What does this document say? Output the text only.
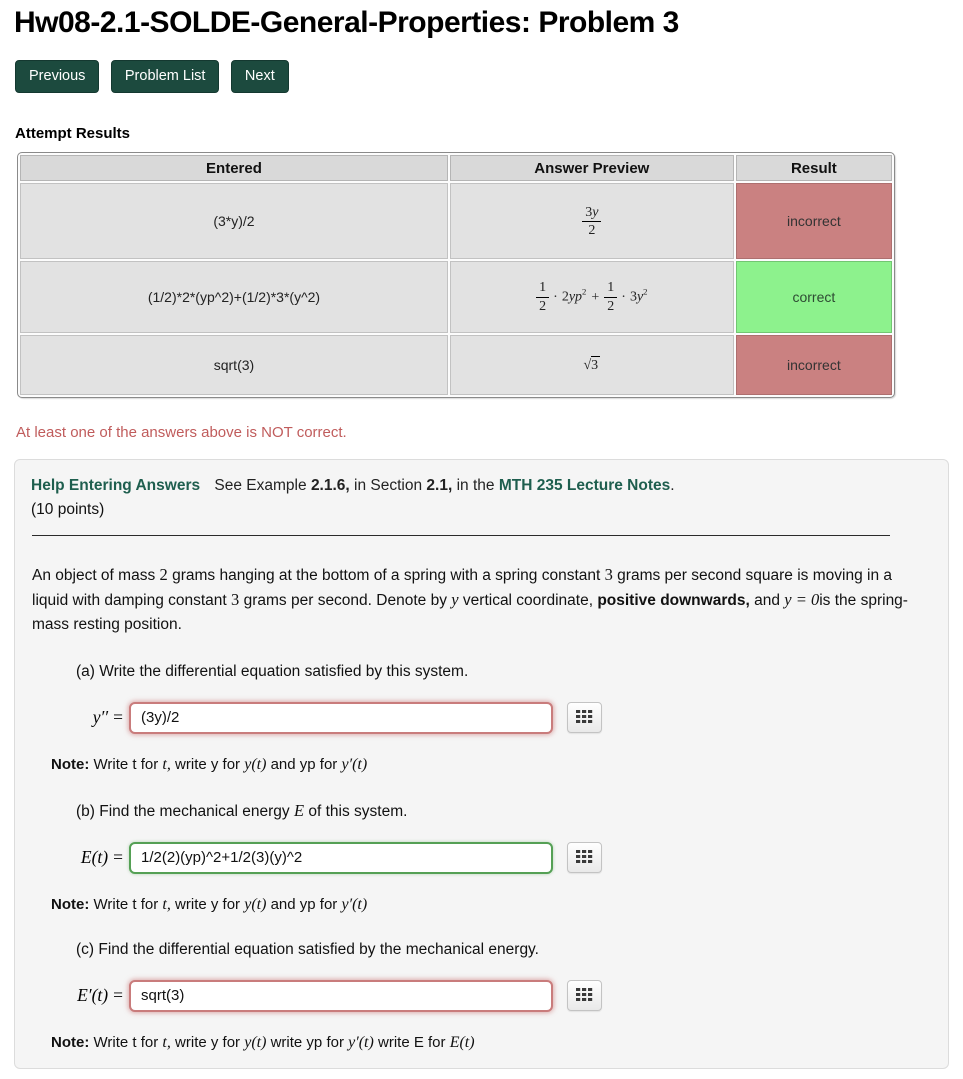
Hw08-2.1-SOLDE-General-Properties: Problem 3
Previous	Problem List	Next
Attempt Results
Entered	Answer Preview	Result
(3*y)/2	$\frac{3y}{2}$	incorrect
(1/2)*2*(yp^2)+(1/2)*3*(y^2)	$\frac{1}{2} \cdot 2yp^2 + \frac{1}{2} \cdot 3y^2$	correct
sqrt(3)	√3	incorrect
At least one of the answers above is NOT correct.
Help Entering Answers See Example 2.1.6, in Section 2.1, in the MTH 235 Lecture Notes.
(10 points)
An object of mass 2 grams hanging at the bottom of a spring with a spring constant 3 grams per second square is moving in a liquid with damping constant 3 grams per second. Denote by y vertical coordinate, positive downwards, and y = 0is the spring-mass resting position.
(a) Write the differential equation satisfied by this system.
y′′ =
(3y)/2
Note: Write t for t, write y for y(t) and yp for y′(t)
(b) Find the mechanical energy E of this system.
E(t) =
1/2(2)(yp)^2+1/2(3)(y)^2
Note: Write t for t, write y for y(t) and yp for y′(t)
(c) Find the differential equation satisfied by the mechanical energy.
E′(t) =
sqrt(3)
Note: Write t for t, write y for y(t) write yp for y′(t) write E for E(t)
